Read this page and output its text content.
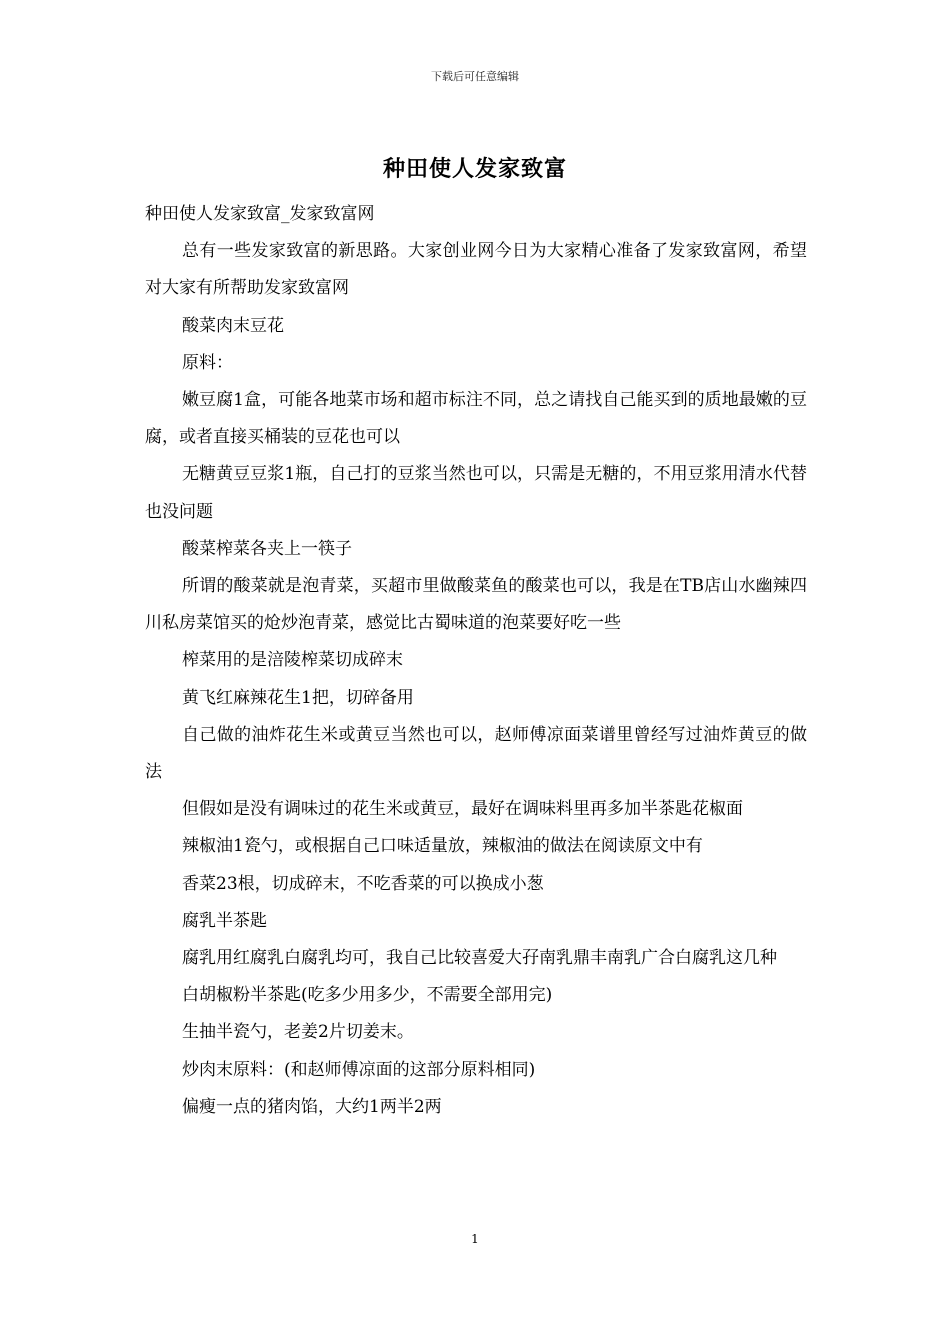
下载后可任意编辑
种田使人发家致富

种田使人发家致富_发家致富网

总有一些发家致富的新思路。大家创业网今日为大家精心准备了发家致富网，希望对大家有所帮助发家致富网

酸菜肉末豆花

原料：

嫩豆腐1盒，可能各地菜市场和超市标注不同，总之请找自己能买到的质地最嫩的豆腐，或者直接买桶装的豆花也可以

无糖黄豆豆浆1瓶，自己打的豆浆当然也可以，只需是无糖的，不用豆浆用清水代替也没问题

酸菜榨菜各夹上一筷子

所谓的酸菜就是泡青菜，买超市里做酸菜鱼的酸菜也可以，我是在TB店山水幽辣四川私房菜馆买的炝炒泡青菜，感觉比古蜀味道的泡菜要好吃一些

榨菜用的是涪陵榨菜切成碎末

黄飞红麻辣花生1把，切碎备用

自己做的油炸花生米或黄豆当然也可以，赵师傅凉面菜谱里曾经写过油炸黄豆的做法

但假如是没有调味过的花生米或黄豆，最好在调味料里再多加半茶匙花椒面

辣椒油1瓷勺，或根据自己口味适量放，辣椒油的做法在阅读原文中有

香菜23根，切成碎末，不吃香菜的可以换成小葱

腐乳半茶匙

腐乳用红腐乳白腐乳均可，我自己比较喜爱大孖南乳鼎丰南乳广合白腐乳这几种

白胡椒粉半茶匙(吃多少用多少，不需要全部用完)

生抽半瓷勺，老姜2片切姜末。

炒肉末原料：(和赵师傅凉面的这部分原料相同)

偏瘦一点的猪肉馅，大约1两半2两

1
